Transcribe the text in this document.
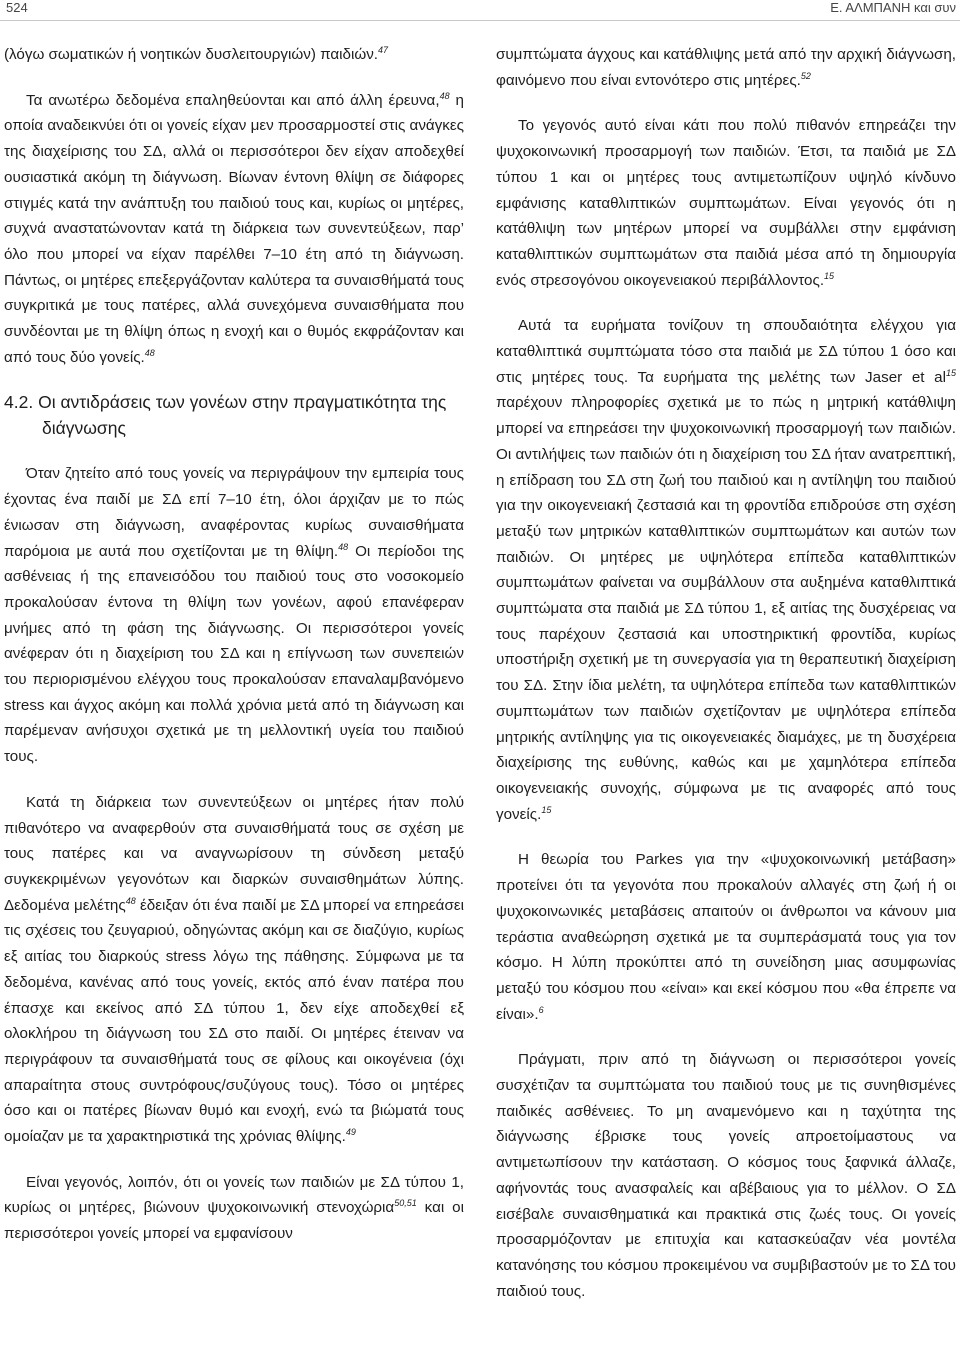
524	Ε. ΑΛΜΠΑΝΗ και συν

(λόγω σωματικών ή νοητικών δυσλειτουργιών) παιδιών.$^{47}$

Τα ανωτέρω δεδομένα επαληθεύονται και από άλλη έρευνα,$^{48}$ η οποία αναδεικνύει ότι οι γονείς είχαν μεν προσαρμοστεί στις ανάγκες της διαχείρισης του ΣΔ, αλλά οι περισσότεροι δεν είχαν αποδεχθεί ουσιαστικά ακόμη τη διάγνωση. Βίωναν έντονη θλίψη σε διάφορες στιγμές κατά την ανάπτυξη του παιδιού τους και, κυρίως οι μητέρες, συχνά αναστατώνονταν κατά τη διάρκεια των συνεντεύξεων, παρ’ όλο που μπορεί να είχαν παρέλθει 7–10 έτη από τη διάγνωση. Πάντως, οι μητέρες επεξεργάζονταν καλύτερα τα συναισθήματά τους συγκριτικά με τους πατέρες, αλλά συνεχόμενα συναισθήματα που συνδέονται με τη θλίψη όπως η ενοχή και ο θυμός εκφράζονταν και από τους δύο γονείς.$^{48}$

4.2. Οι αντιδράσεις των γονέων στην πραγματικότητα της διάγνωσης

Όταν ζητείτο από τους γονείς να περιγράψουν την εμπειρία τους έχοντας ένα παιδί με ΣΔ επί 7–10 έτη, όλοι άρχιζαν με το πώς ένιωσαν στη διάγνωση, αναφέροντας κυρίως συναισθήματα παρόμοια με αυτά που σχετίζονται με τη θλίψη.$^{48}$ Οι περίοδοι της ασθένειας ή της επανεισόδου του παιδιού τους στο νοσοκομείο προκαλούσαν έντονα τη θλίψη των γονέων, αφού επανέφεραν μνήμες από τη φάση της διάγνωσης. Οι περισσότεροι γονείς ανέφεραν ότι η διαχείριση του ΣΔ και η επίγνωση των συνεπειών του περιορισμένου ελέγχου τους προκαλούσαν επαναλαμβανόμενο stress και άγχος ακόμη και πολλά χρόνια μετά από τη διάγνωση και παρέμεναν ανήσυχοι σχετικά με τη μελλοντική υγεία του παιδιού τους.

Κατά τη διάρκεια των συνεντεύξεων οι μητέρες ήταν πολύ πιθανότερο να αναφερθούν στα συναισθήματά τους σε σχέση με τους πατέρες και να αναγνωρίσουν τη σύνδεση μεταξύ συγκεκριμένων γεγονότων και διαρκών συναισθημάτων λύπης. Δεδομένα μελέτης$^{48}$ έδειξαν ότι ένα παιδί με ΣΔ μπορεί να επηρεάσει τις σχέσεις του ζευγαριού, οδηγώντας ακόμη και σε διαζύγιο, κυρίως εξ αιτίας του διαρκούς stress λόγω της πάθησης. Σύμφωνα με τα δεδομένα, κανένας από τους γονείς, εκτός από έναν πατέρα που έπασχε και εκείνος από ΣΔ τύπου 1, δεν είχε αποδεχθεί εξ ολοκλήρου τη διάγνωση του ΣΔ στο παιδί. Οι μητέρες έτειναν να περιγράφουν τα συναισθήματά τους σε φίλους και οικογένεια (όχι απαραίτητα στους συντρόφους/συζύγους τους). Τόσο οι μητέρες όσο και οι πατέρες βίωναν θυμό και ενοχή, ενώ τα βιώματά τους ομοίαζαν με τα χαρακτηριστικά της χρόνιας θλίψης.$^{49}$

Είναι γεγονός, λοιπόν, ότι οι γονείς των παιδιών με ΣΔ τύπου 1, κυρίως οι μητέρες, βιώνουν ψυχοκοινωνική στενοχώρια$^{50,51}$ και οι περισσότεροι γονείς μπορεί να εμφανίσουν

συμπτώματα άγχους και κατάθλιψης μετά από την αρχική διάγνωση, φαινόμενο που είναι εντονότερο στις μητέρες.$^{52}$

Το γεγονός αυτό είναι κάτι που πολύ πιθανόν επηρεάζει την ψυχοκοινωνική προσαρμογή των παιδιών. Έτσι, τα παιδιά με ΣΔ τύπου 1 και οι μητέρες τους αντιμετωπίζουν υψηλό κίνδυνο εμφάνισης καταθλιπτικών συμπτωμάτων. Είναι γεγονός ότι η κατάθλιψη των μητέρων μπορεί να συμβάλλει στην εμφάνιση καταθλιπτικών συμπτωμάτων στα παιδιά μέσα από τη δημιουργία ενός στρεσογόνου οικογενειακού περιβάλλοντος.$^{15}$

Αυτά τα ευρήματα τονίζουν τη σπουδαιότητα ελέγχου για καταθλιπτικά συμπτώματα τόσο στα παιδιά με ΣΔ τύπου 1 όσο και στις μητέρες τους. Τα ευρήματα της μελέτης των Jaser et $al^{15}$ παρέχουν πληροφορίες σχετικά με το πώς η μητρική κατάθλιψη μπορεί να επηρεάσει την ψυχοκοινωνική προσαρμογή των παιδιών. Οι αντιλήψεις των παιδιών ότι η διαχείριση του ΣΔ ήταν ανατρεπτική, η επίδραση του ΣΔ στη ζωή του παιδιού και η αντίληψη του παιδιού για την οικογενειακή ζεστασιά και τη φροντίδα επιδρούσε στη σχέση μεταξύ των μητρικών καταθλιπτικών συμπτωμάτων και αυτών των παιδιών. Οι μητέρες με υψηλότερα επίπεδα καταθλιπτικών συμπτωμάτων φαίνεται να συμβάλλουν στα αυξημένα καταθλιπτικά συμπτώματα στα παιδιά με ΣΔ τύπου 1, εξ αιτίας της δυσχέρειας να τους παρέχουν ζεστασιά και υποστηρικτική φροντίδα, κυρίως υποστήριξη σχετική με τη συνεργασία για τη θεραπευτική διαχείριση του ΣΔ. Στην ίδια μελέτη, τα υψηλότερα επίπεδα των καταθλιπτικών συμπτωμάτων των παιδιών σχετίζονταν με υψηλότερα επίπεδα μητρικής αντίληψης για τις οικογενειακές διαμάχες, με τη δυσχέρεια διαχείρισης της ευθύνης, καθώς και με χαμηλότερα επίπεδα οικογενειακής συνοχής, σύμφωνα με τις αναφορές από τους γονείς.$^{15}$

Η θεωρία του Parkes για την «ψυχοκοινωνική μετάβαση» προτείνει ότι τα γεγονότα που προκαλούν αλλαγές στη ζωή ή οι ψυχοκοινωνικές μεταβάσεις απαιτούν οι άνθρωποι να κάνουν μια τεράστια αναθεώρηση σχετικά με τα συμπεράσματά τους για τον κόσμο. Η λύπη προκύπτει από τη συνείδηση μιας ασυμφωνίας μεταξύ του κόσμου που «είναι» και εκεί κόσμου που «θα έπρεπε να είναι».$^6$

Πράγματι, πριν από τη διάγνωση οι περισσότεροι γονείς συσχέτιζαν τα συμπτώματα του παιδιού τους με τις συνηθισμένες παιδικές ασθένειες. Το μη αναμενόμενο και η ταχύτητα της διάγνωσης έβρισκε τους γονείς απροετοίμαστους να αντιμετωπίσουν την κατάσταση. Ο κόσμος τους ξαφνικά άλλαζε, αφήνοντάς τους ανασφαλείς και αβέβαιους για το μέλλον. Ο ΣΔ εισέβαλε συναισθηματικά και πρακτικά στις ζωές τους. Οι γονείς προσαρμόζονταν με επιτυχία και κατασκεύαζαν νέα μοντέλα κατανόησης του κόσμου προκειμένου να συμβιβαστούν με το ΣΔ του παιδιού τους.
